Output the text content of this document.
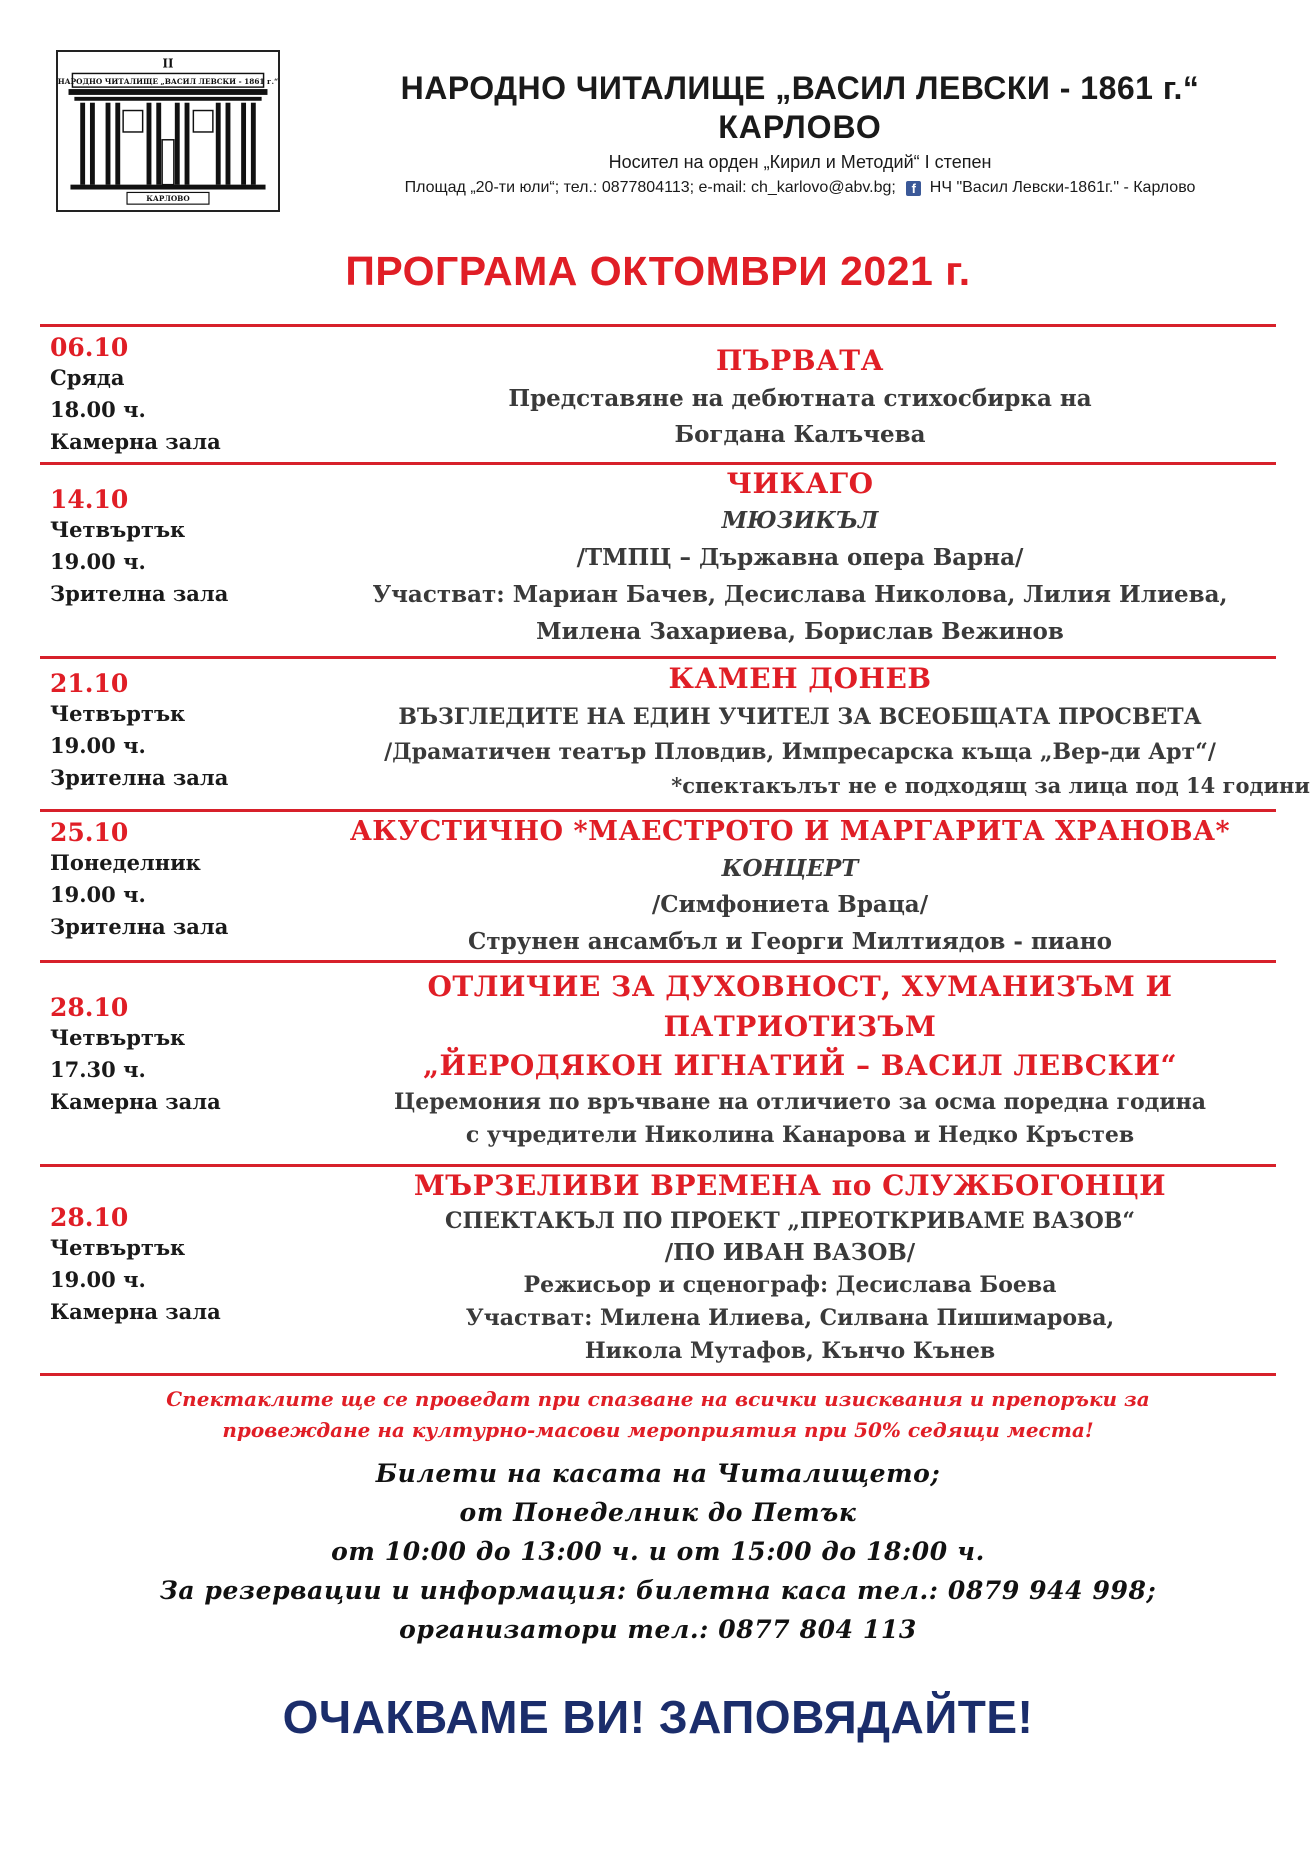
II
НАРОДНО ЧИТАЛИЩЕ „ВАСИЛ ЛЕВСКИ - 1861 г.“
КАРЛОВО
НАРОДНО ЧИТАЛИЩЕ „ВАСИЛ ЛЕВСКИ - 1861 г.“
КАРЛОВО
Носител на орден „Кирил и Методий“ I степен
Площад „20-ти юли“; тел.: 0877804113; e-mail: ch_karlovo@abv.bg; f НЧ "Васил Левски-1861г." - Карлово
ПРОГРАМА ОКТОМВРИ 2021 г.
06.10
Сряда
18.00 ч.
Камерна зала
ПЪРВАТА
Представяне на дебютната стихосбирка на
Богдана Калъчева
14.10
Четвъртък
19.00 ч.
Зрителна зала
ЧИКАГО
МЮЗИКЪЛ
/ТМПЦ – Държавна опера Варна/
Участват: Мариан Бачев, Десислава Николова, Лилия Илиева,
Милена Захариева, Борислав Вежинов
21.10
Четвъртък
19.00 ч.
Зрителна зала
КАМЕН ДОНЕВ
ВЪЗГЛЕДИТЕ НА ЕДИН УЧИТЕЛ ЗА ВСЕОБЩАТА ПРОСВЕТА
/Драматичен театър Пловдив, Импресарска къща „Вер-ди Арт“/
*спектакълът не е подходящ за лица под 14 години
25.10
Понеделник
19.00 ч.
Зрителна зала
АКУСТИЧНО *МАЕСТРОТО И МАРГАРИТА ХРАНОВА*
КОНЦЕРТ
/Симфониета Враца/
Струнен ансамбъл и Георги Милтиядов - пиано
28.10
Четвъртък
17.30 ч.
Камерна зала
ОТЛИЧИЕ ЗА ДУХОВНОСТ, ХУМАНИЗЪМ И
ПАТРИОТИЗЪМ
„ЙЕРОДЯКОН ИГНАТИЙ – ВАСИЛ ЛЕВСКИ“
Церемония по връчване на отличието за осма поредна година
с учредители Николина Канарова и Недко Кръстев
28.10
Четвъртък
19.00 ч.
Камерна зала
МЪРЗЕЛИВИ ВРЕМЕНА по СЛУЖБОГОНЦИ
СПЕКТАКЪЛ ПО ПРОЕКТ „ПРЕОТКРИВАМЕ ВАЗОВ“
/ПО ИВАН ВАЗОВ/
Режисьор и сценограф: Десислава Боева
Участват: Милена Илиева, Силвана Пишимарова,
Никола Мутафов, Кънчо Кънев
Спектаклите ще се проведат при спазване на всички изисквания и препоръки за
провеждане на културно-масови мероприятия при 50% седящи места!
Билети на касата на Читалището;
от Понеделник до Петък
от 10:00 до 13:00 ч. и от 15:00 до 18:00 ч.
За резервации и информация: билетна каса тел.: 0879 944 998;
организатори тел.: 0877 804 113
ОЧАКВАМЕ ВИ! ЗАПОВЯДАЙТЕ!
